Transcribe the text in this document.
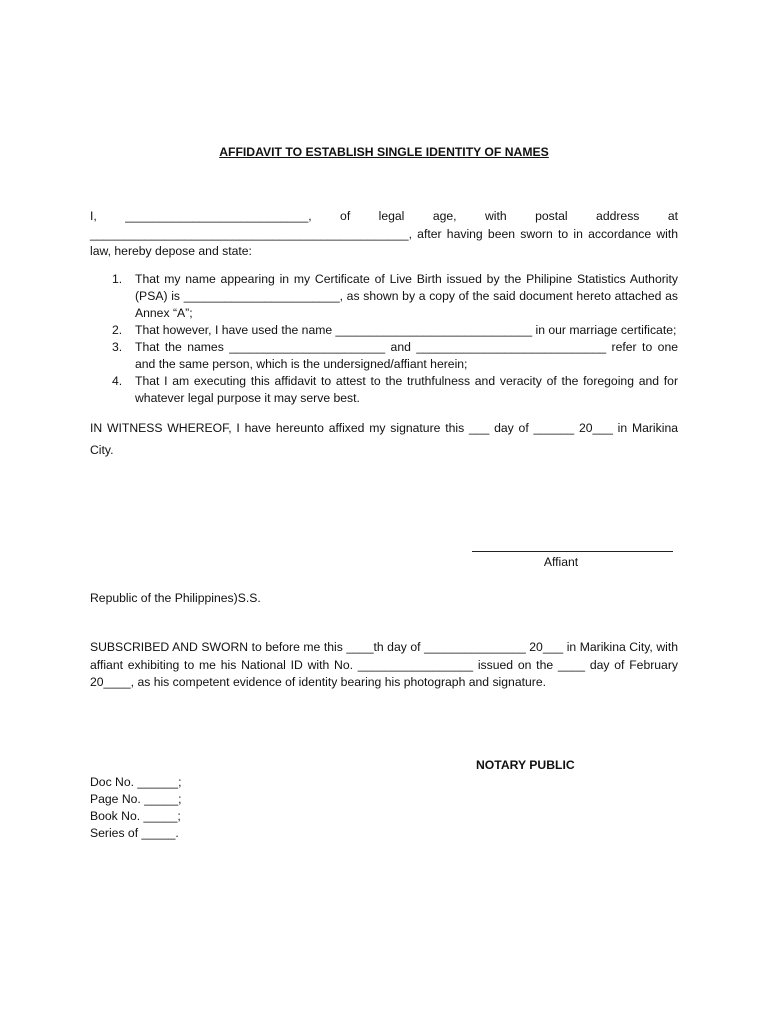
AFFIDAVIT TO ESTABLISH SINGLE IDENTITY OF NAMES
I, ___________________________, of legal age, with postal address at
_______________________________________________, after having been sworn to in accordance with
law, hereby depose and state:
1. That my name appearing in my Certificate of Live Birth issued by the Philipine Statistics Authority (PSA) is _______________________, as shown by a copy of the said document hereto attached as Annex “A”;
2. That however, I have used the name _____________________________ in our marriage certificate;
3. That the names _______________________ and ____________________________ refer to one and the same person, which is the undersigned/affiant herein;
4. That I am executing this affidavit to attest to the truthfulness and veracity of the foregoing and for whatever legal purpose it may serve best.
IN WITNESS WHEREOF, I have hereunto affixed my signature this ___ day of ______ 20___ in Marikina
City.
Affiant
Republic of the Philippines)S.S.
SUBSCRIBED AND SWORN to before me this ____th day of _______________ 20___ in Marikina City, with
affiant exhibiting to me his National ID with No. _________________ issued on the ____ day of February
20____, as his competent evidence of identity bearing his photograph and signature.
NOTARY PUBLIC
Doc No. ______;
Page No. _____;
Book No. _____;
Series of _____.
